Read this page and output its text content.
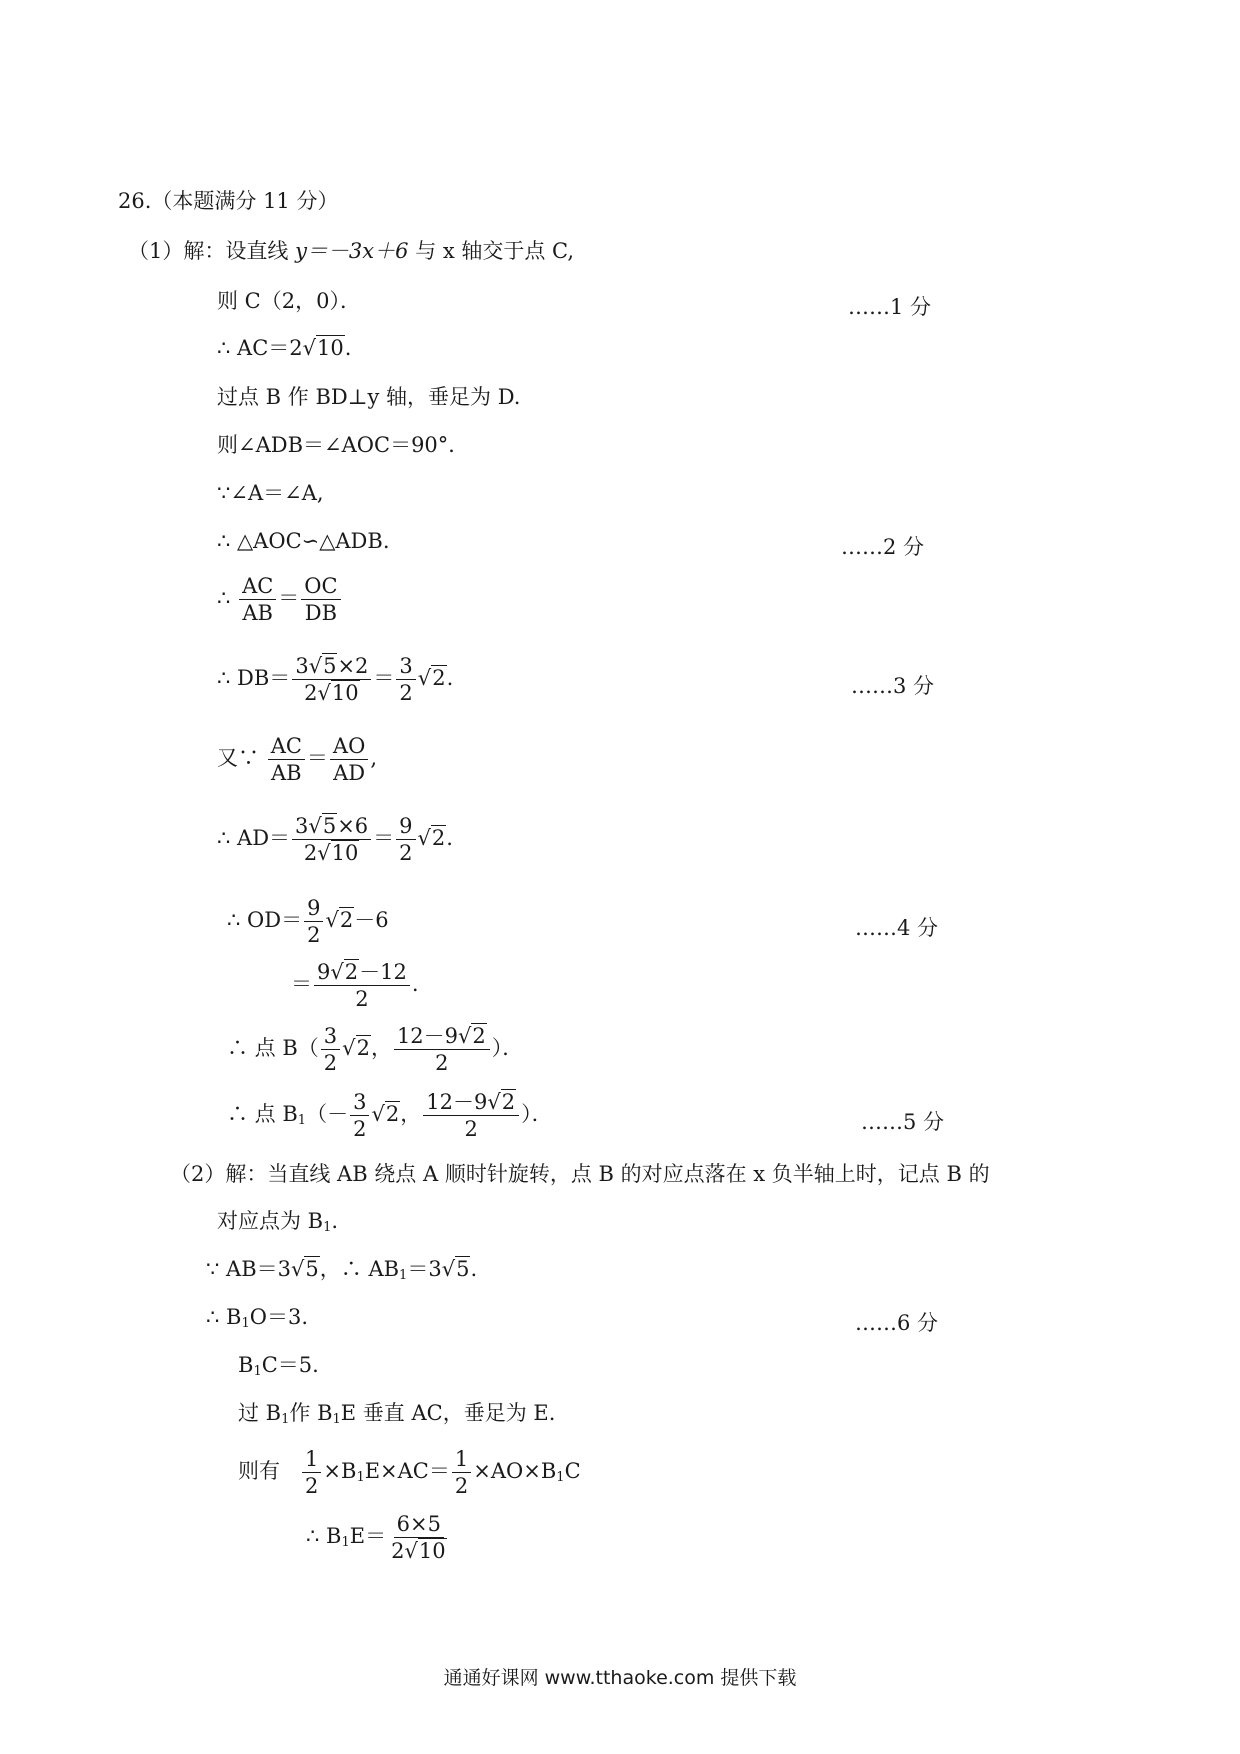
26.（本题满分 11 分）
（1）解：设直线 y＝－3x＋6 与 x 轴交于点 C,
则 C（2，0）．	……1 分
∴ AC＝2√10.
过点 B 作 BD⊥y 轴，垂足为 D.
则∠ADB＝∠AOC＝90°．
∵∠A＝∠A,
∴ △AOC∽△ADB.	……2 分
∴ $\frac{AC}{AB} = \frac{OC}{DB}$
∴ $DB= \frac{3√5\times 2}{2√10} = \frac{3}{2} √2$.	……3 分
又∵ $\frac{AC}{AB} = \frac{AO}{AD}$ ,
∴ $AD= \frac{3√5\times 6}{2√10} = \frac{9}{2} √2$.
∴ $OD= \frac{9}{2} √2-6$	……4 分
＝ $\frac{9√2-12}{2}$ .
∴ 点 $B( \frac{3}{2} √2$， $\frac{12-9√2}{2}$ ）．
∴ 点 $B_1(- \frac{3}{2} √2$， $\frac{12-9√2}{2}$ ）．	……5 分
（2）解：当直线 AB 绕点 A 顺时针旋转，点 B 的对应点落在 x 负半轴上时，记点 B 的
对应点为 $B_1$.
∵ AB＝3√5，∴ $AB_1=3√5$.
∴ $B_1O=3$.	……6 分
$B_1C=5$.
过 $B_1$作 $B_1E$ 垂直 AC，垂足为 E.
则有 $\frac{1}{2} \times B_1E\times AC= \frac{1}{2} \times AO\times B_1C$
∴ $B_1E= \frac{6\times 5}{2√10}$
通通好课网 www.tthaoke.com 提供下载
